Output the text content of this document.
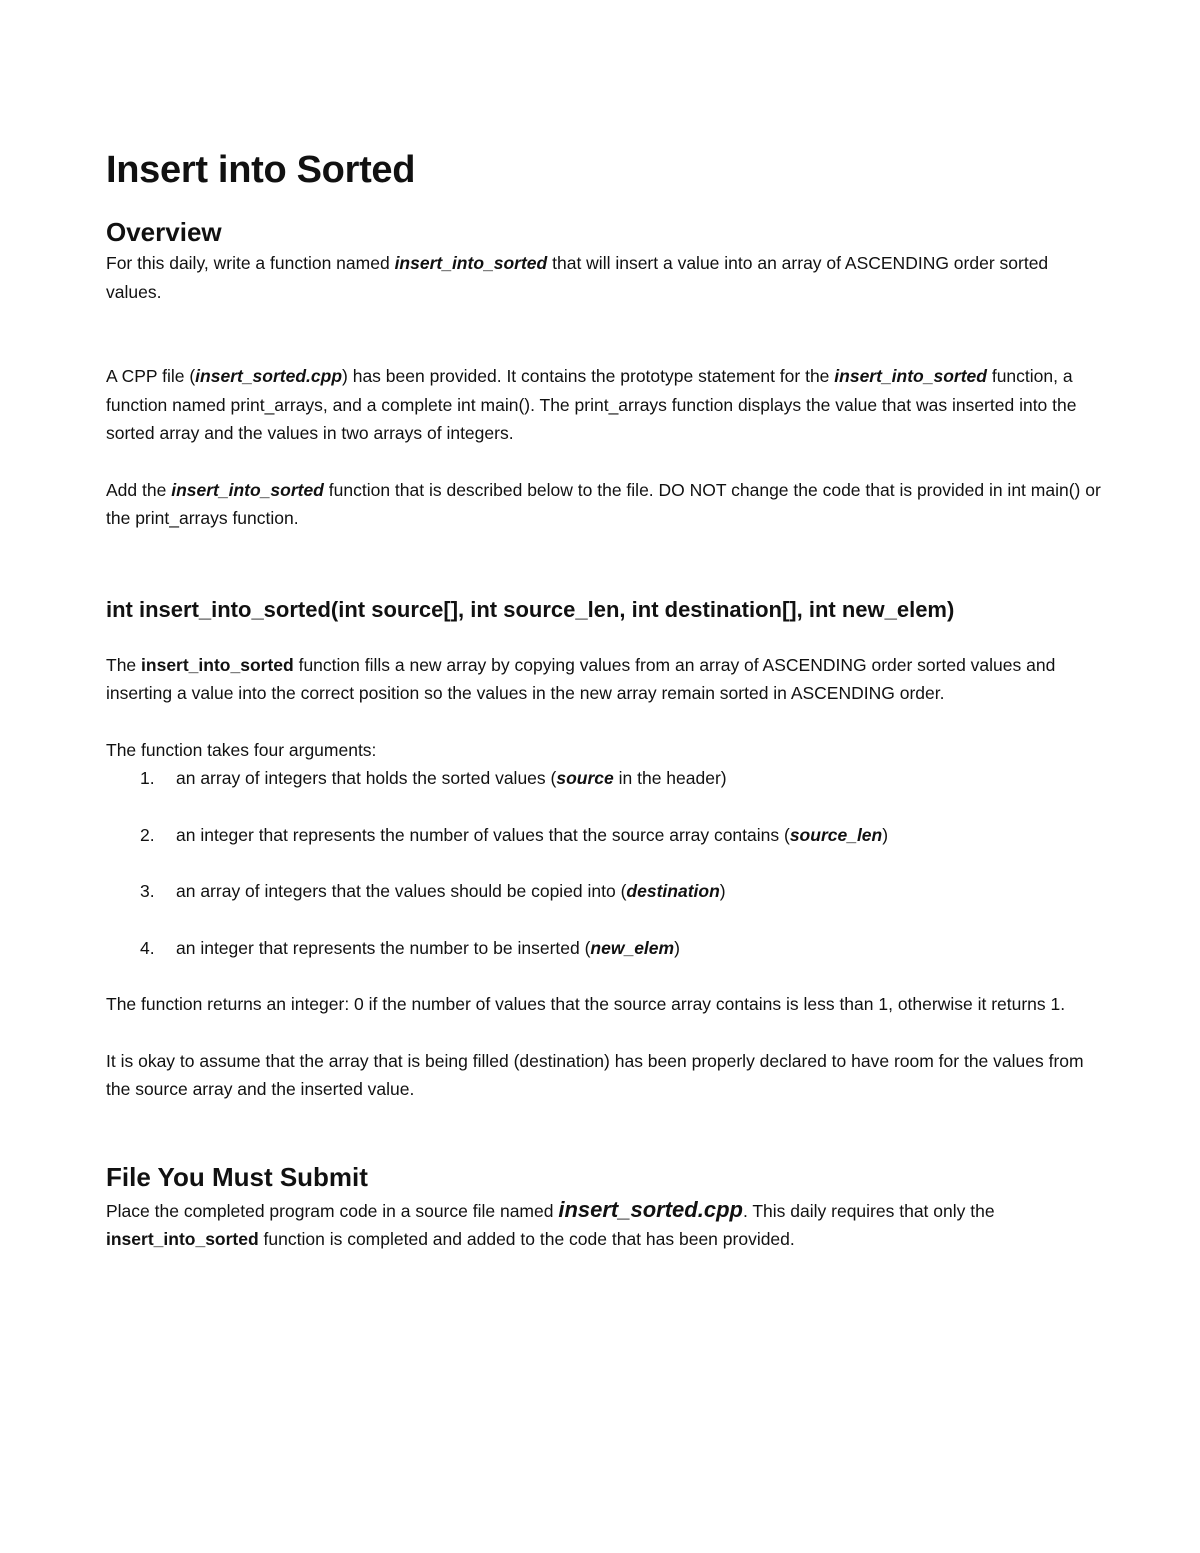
Insert into Sorted
Overview

For this daily, write a function named insert_into_sorted that will insert a value into an array of ASCENDING order sorted values.

A CPP file (insert_sorted.cpp) has been provided. It contains the prototype statement for the insert_into_sorted function, a function named print_arrays, and a complete int main(). The print_arrays function displays the value that was inserted into the sorted array and the values in two arrays of integers.

Add the insert_into_sorted function that is described below to the file. DO NOT change the code that is provided in int main() or the print_arrays function.

int insert_into_sorted(int source[], int source_len, int destination[], int new_elem)

The insert_into_sorted function fills a new array by copying values from an array of ASCENDING order sorted values and inserting a value into the correct position so the values in the new array remain sorted in ASCENDING order.

The function takes four arguments:

1. an array of integers that holds the sorted values (source in the header)
2. an integer that represents the number of values that the source array contains (source_len)
3. an array of integers that the values should be copied into (destination)
4. an integer that represents the number to be inserted (new_elem)

The function returns an integer: 0 if the number of values that the source array contains is less than 1, otherwise it returns 1.

It is okay to assume that the array that is being filled (destination) has been properly declared to have room for the values from the source array and the inserted value.

File You Must Submit

Place the completed program code in a source file named insert_sorted.cpp. This daily requires that only the insert_into_sorted function is completed and added to the code that has been provided.
